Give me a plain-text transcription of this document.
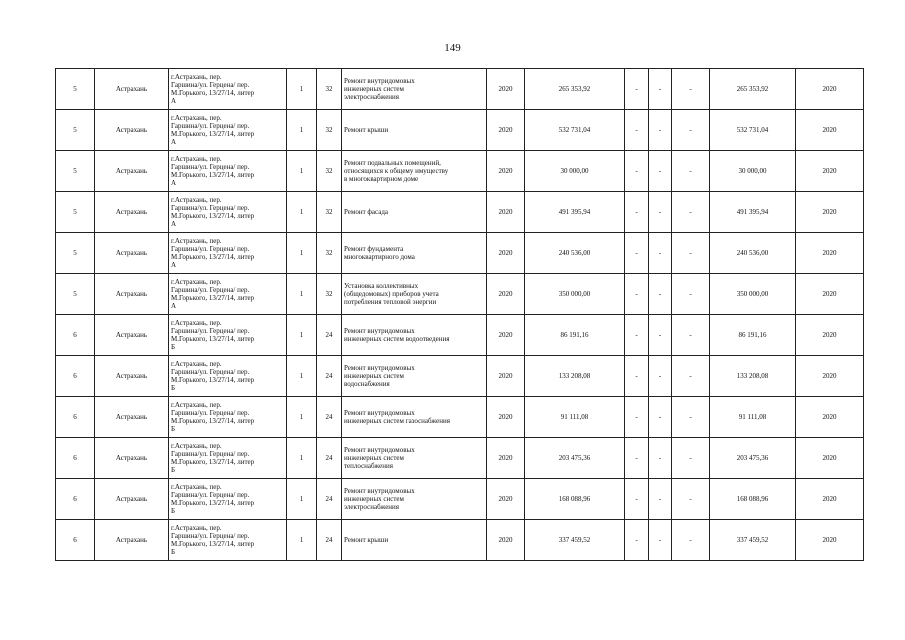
149
5	Астрахань	г.Астрахань, пер.
Гаршина/ул. Герцена/ пер.
М.Горького, 13/27/14, литер
А	1	32	Ремонт внутридомовых
инженерных систем
электроснабжения	2020	265 353,92	-	-	-	265 353,92	2020
5	Астрахань	г.Астрахань, пер.
Гаршина/ул. Герцена/ пер.
М.Горького, 13/27/14, литер
А	1	32	Ремонт крыши	2020	532 731,04	-	-	-	532 731,04	2020
5	Астрахань	г.Астрахань, пер.
Гаршина/ул. Герцена/ пер.
М.Горького, 13/27/14, литер
А	1	32	Ремонт подвальных помещений,
относящихся к общему имуществу
в многоквартирном доме	2020	30 000,00	-	-	-	30 000,00	2020
5	Астрахань	г.Астрахань, пер.
Гаршина/ул. Герцена/ пер.
М.Горького, 13/27/14, литер
А	1	32	Ремонт фасада	2020	491 395,94	-	-	-	491 395,94	2020
5	Астрахань	г.Астрахань, пер.
Гаршина/ул. Герцена/ пер.
М.Горького, 13/27/14, литер
А	1	32	Ремонт фундамента
многоквартирного дома	2020	240 536,00	-	-	-	240 536,00	2020
5	Астрахань	г.Астрахань, пер.
Гаршина/ул. Герцена/ пер.
М.Горького, 13/27/14, литер
А	1	32	Установка коллективных
(общедомовых) приборов учета
потребления тепловой энергии	2020	350 000,00	-	-	-	350 000,00	2020
6	Астрахань	г.Астрахань, пер.
Гаршина/ул. Герцена/ пер.
М.Горького, 13/27/14, литер
Б	1	24	Ремонт внутридомовых
инженерных систем водоотведения	2020	86 191,16	-	-	-	86 191,16	2020
6	Астрахань	г.Астрахань, пер.
Гаршина/ул. Герцена/ пер.
М.Горького, 13/27/14, литер
Б	1	24	Ремонт внутридомовых
инженерных систем
водоснабжения	2020	133 208,08	-	-	-	133 208,08	2020
6	Астрахань	г.Астрахань, пер.
Гаршина/ул. Герцена/ пер.
М.Горького, 13/27/14, литер
Б	1	24	Ремонт внутридомовых
инженерных систем газоснабжения	2020	91 111,08	-	-	-	91 111,08	2020
6	Астрахань	г.Астрахань, пер.
Гаршина/ул. Герцена/ пер.
М.Горького, 13/27/14, литер
Б	1	24	Ремонт внутридомовых
инженерных систем
теплоснабжения	2020	203 475,36	-	-	-	203 475,36	2020
6	Астрахань	г.Астрахань, пер.
Гаршина/ул. Герцена/ пер.
М.Горького, 13/27/14, литер
Б	1	24	Ремонт внутридомовых
инженерных систем
электроснабжения	2020	168 088,96	-	-	-	168 088,96	2020
6	Астрахань	г.Астрахань, пер.
Гаршина/ул. Герцена/ пер.
М.Горького, 13/27/14, литер
Б	1	24	Ремонт крыши	2020	337 459,52	-	-	-	337 459,52	2020
